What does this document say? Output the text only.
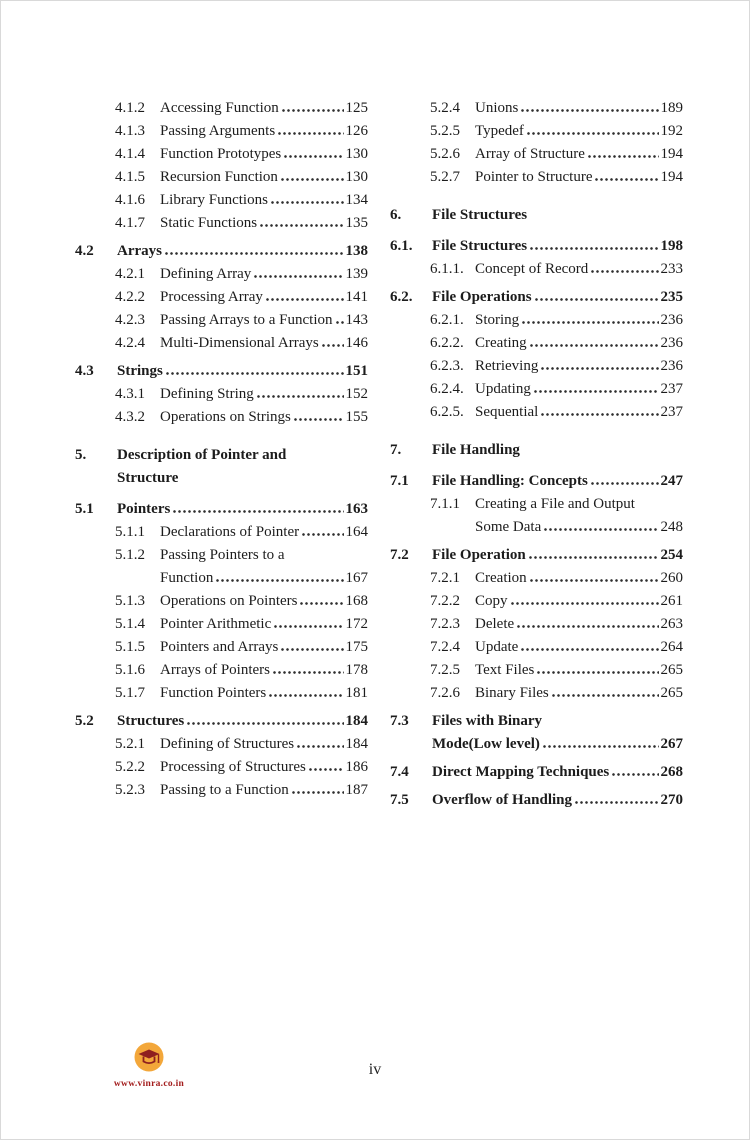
4.1.2	Accessing Function	125
4.1.3	Passing Arguments	126
4.1.4	Function Prototypes	130
4.1.5	Recursion Function	130
4.1.6	Library Functions	134
4.1.7	Static Functions	135
4.2	Arrays	138
4.2.1	Defining Array	139
4.2.2	Processing Array	141
4.2.3	Passing Arrays to a Function 143
4.2.4	Multi-Dimensional Arrays 146
4.3	Strings	151
4.3.1	Defining String	152
4.3.2	Operations on Strings	155
5.	Description of Pointer and
Structure
5.1	Pointers	163
5.1.1	Declarations of Pointer	164
5.1.2	Passing Pointers to a
Function	167
5.1.3	Operations on Pointers	168
5.1.4	Pointer Arithmetic	172
5.1.5	Pointers and Arrays	175
5.1.6	Arrays of Pointers	178
5.1.7	Function Pointers	181
5.2	Structures	184
5.2.1	Defining of Structures	184
5.2.2	Processing of Structures	186
5.2.3	Passing to a Function	187
5.2.4	Unions	189
5.2.5	Typedef	192
5.2.6	Array of Structure	194
5.2.7	Pointer to Structure	194
6.	File Structures
6.1.	File Structures	198
6.1.1. Concept of Record	233
6.2.	File Operations	235
6.2.1. Storing	236
6.2.2. Creating	236
6.2.3. Retrieving	236
6.2.4. Updating	237
6.2.5. Sequential	237
7.	File Handling
7.1	File Handling: Concepts	247
7.1.1	Creating a File and Output
Some Data	248
7.2	File Operation	254
7.2.1	Creation	260
7.2.2	Copy	261
7.2.3	Delete	263
7.2.4	Update	264
7.2.5	Text Files	265
7.2.6	Binary Files	265
7.3	Files with Binary
Mode(Low level)	267
7.4	Direct Mapping Techniques	268
7.5	Overflow of Handling	270
www.vinra.co.in
iv
